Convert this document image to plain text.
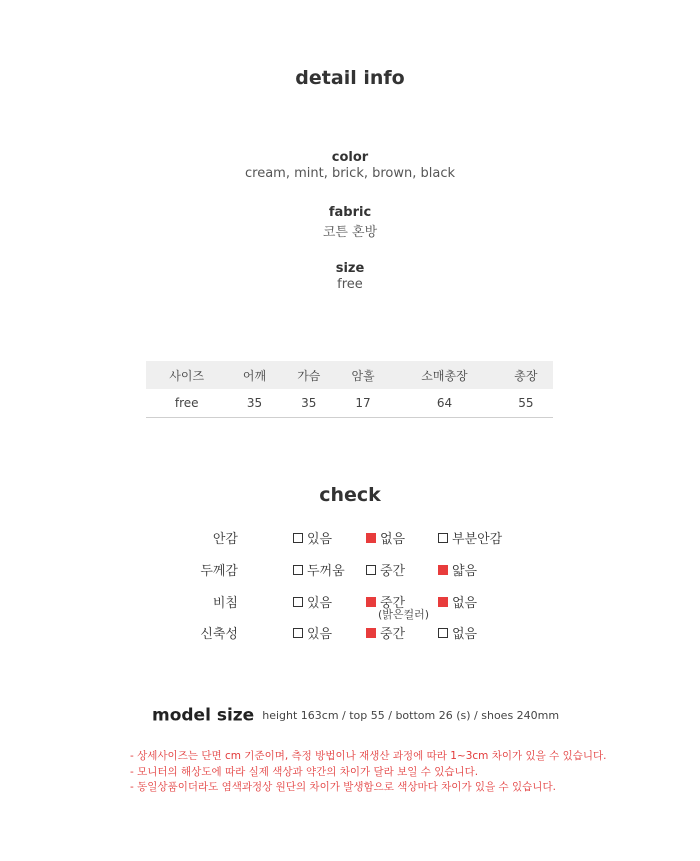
detail info
color
cream, mint, brick, brown, black
fabric
코튼 혼방
size
free
사이즈	어깨	가슴	암홀	소매총장	총장
free	35	35	17	64	55
check
안감	있음	없음	부분안감
두께감	두꺼움	중간	얇음
비침	있음	중간	없음
(밝은컬러)
신축성	있음	중간	없음
model size height 163cm / top 55 / bottom 26 (s) / shoes 240mm
- 상세사이즈는 단면 cm 기준이며, 측정 방법이나 재생산 과정에 따라 1~3cm 차이가 있을 수 있습니다.
- 모니터의 해상도에 따라 실제 색상과 약간의 차이가 달라 보일 수 있습니다.
- 동일상품이더라도 염색과정상 원단의 차이가 발생함으로 색상마다 차이가 있을 수 있습니다.
